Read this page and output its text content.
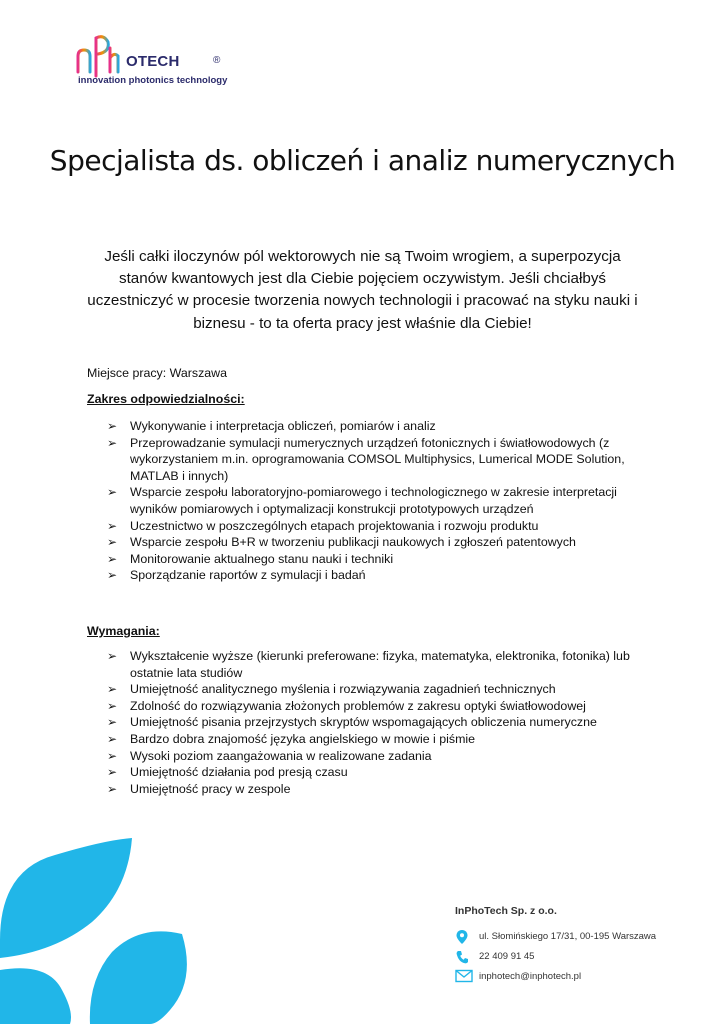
OTECH	®
innovation photonics technology
Specjalista ds. obliczeń i analiz numerycznych

Jeśli całki iloczynów pól wektorowych nie są Twoim wrogiem, a superpozycja stanów kwantowych jest dla Ciebie pojęciem oczywistym. Jeśli chciałbyś uczestniczyć w procesie tworzenia nowych technologii i pracować na styku nauki i biznesu - to ta oferta pracy jest właśnie dla Ciebie!

Miejsce pracy: Warszawa

Zakres odpowiedzialności:

➢ Wykonywanie i interpretacja obliczeń, pomiarów i analiz
➢ Przeprowadzanie symulacji numerycznych urządzeń fotonicznych i światłowodowych (z wykorzystaniem m.in. oprogramowania COMSOL Multiphysics, Lumerical MODE Solution, MATLAB i innych)
➢ Wsparcie zespołu laboratoryjno-pomiarowego i technologicznego w zakresie interpretacji wyników pomiarowych i optymalizacji konstrukcji prototypowych urządzeń
➢ Uczestnictwo w poszczególnych etapach projektowania i rozwoju produktu
➢ Wsparcie zespołu B+R w tworzeniu publikacji naukowych i zgłoszeń patentowych
➢ Monitorowanie aktualnego stanu nauki i techniki
➢ Sporządzanie raportów z symulacji i badań

Wymagania:

➢ Wykształcenie wyższe (kierunki preferowane: fizyka, matematyka, elektronika, fotonika) lub ostatnie lata studiów
➢ Umiejętność analitycznego myślenia i rozwiązywania zagadnień technicznych
➢ Zdolność do rozwiązywania złożonych problemów z zakresu optyki światłowodowej
➢ Umiejętność pisania przejrzystych skryptów wspomagających obliczenia numeryczne
➢ Bardzo dobra znajomość języka angielskiego w mowie i piśmie
➢ Wysoki poziom zaangażowania w realizowane zadania
➢ Umiejętność działania pod presją czasu
➢ Umiejętność pracy w zespole
InPhoTech Sp. z o.o.
ul. Słomińskiego 17/31, 00-195 Warszawa
22 409 91 45
inphotech@inphotech.pl
